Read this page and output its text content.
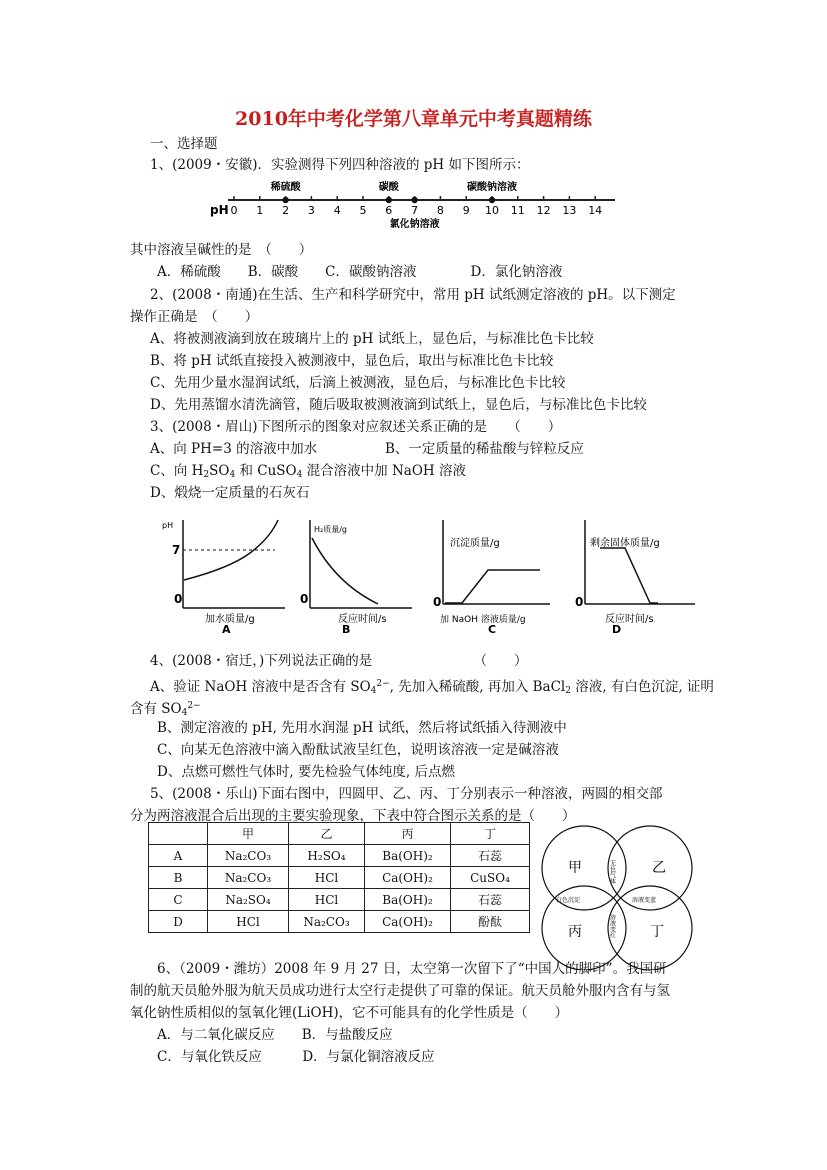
2010年中考化学第八章单元中考真题精练
一、选择题
1、(2009・安徽)．实验测得下列四种溶液的 pH 如下图所示：
pH 0 1 2 3 4 5 6 7 8 9 10 11 12 13 14
稀硫酸	碳酸
氯化钠溶液
碳酸钠溶液
其中溶液呈碱性的是　（　　）
A．稀硫酸　　B．碳酸　　C．碳酸钠溶液　　　　D．氯化钠溶液
2、(2008・南通)在生活、生产和科学研究中，常用 pH 试纸测定溶液的 pH。以下测定
操作正确是　（　　）
A、将被测液滴到放在玻璃片上的 pH 试纸上，显色后，与标准比色卡比较
B、将 pH 试纸直接投入被测液中，显色后，取出与标准比色卡比较
C、先用少量水湿润试纸，后滴上被测液，显色后，与标准比色卡比较
D、先用蒸馏水清洗滴管，随后吸取被测液滴到试纸上，显色后，与标准比色卡比较
3、(2008・眉山)下图所示的图象对应叙述关系正确的是　　（　　）
A、向 PH=3 的溶液中加水	B、一定质量的稀盐酸与锌粒反应
C、向 $H_2SO_4$ 和 CuSO$_4$ 混合溶液中加 NaOH 溶液
D、煅烧一定质量的石灰石
pH
7
0
加水质量/g
A
H₂质量/g
0
反应时间/s
B
沉淀质量/g
0
加 NaOH 溶液质量/g
C
剩余固体质量/g
0
反应时间/s
D
4、(2008・宿迁，)下列说法正确的是　　　　　　　　（　　）
A、验证 NaOH 溶液中是否含有 $SO_4^{2-}$, 先加入稀硫酸, 再加入 BaCl$_2$ 溶液, 有白色沉淀, 证明
含有 $SO_4^{2-}$
B、测定溶液的 pH, 先用水润湿 pH 试纸，然后将试纸插入待测液中
C、向某无色溶液中滴入酚酞试液呈红色，说明该溶液一定是碱溶液
D、点燃可燃性气体时, 要先检验气体纯度, 后点燃
5、(2008・乐山)下面右图中，四圆甲、乙、丙、丁分别表示一种溶液，两圆的相交部
分为两溶液混合后出现的主要实验现象，下表中符合图示关系的是（　　）
	甲	乙	丙	丁
A	Na₂CO₃	H₂SO₄	Ba(OH)₂	石蕊
B	Na₂CO₃	HCl	Ca(OH)₂	CuSO₄
C	Na₂SO₄	HCl	Ba(OH)₂	石蕊
D	HCl	Na₂CO₃	Ca(OH)₂	酚酞
甲	乙
丙	丁
无色气体
白色沉淀	溶液变蓝
溶液变红
6、（2009・潍坊）2008 年 9 月 27 日，太空第一次留下了“中国人的脚印”。我国研
制的航天员舱外服为航天员成功进行太空行走提供了可靠的保证。航天员舱外服内含有与氢
氧化钠性质相似的氢氧化锂(LiOH)，它不可能具有的化学性质是（　　）
A．与二氧化碳反应　　B．与盐酸反应
C．与氧化铁反应　　　D．与氯化铜溶液反应
